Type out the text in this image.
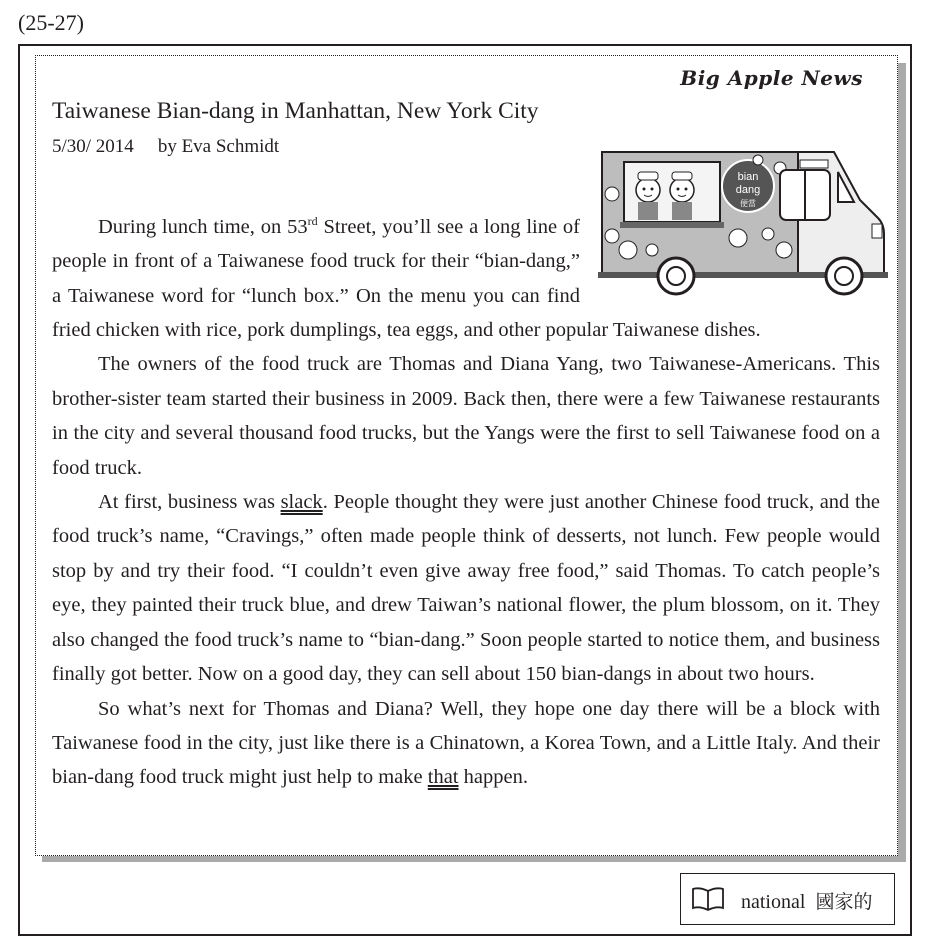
(25-27)
Big Apple News
Taiwanese Bian-dang in Manhattan, New York City
5/30/ 2014 by Eva Schmidt
bian
dang
便當

During lunch time, on 53rd Street, you’ll see a long line of people in front of a Taiwanese food truck for their “bian-dang,” a Taiwanese word for “lunch box.” On the menu you can find fried chicken with rice, pork dumplings, tea eggs, and other popular Taiwanese dishes.

The owners of the food truck are Thomas and Diana Yang, two Taiwanese-Americans. This brother-sister team started their business in 2009. Back then, there were a few Taiwanese restaurants in the city and several thousand food trucks, but the Yangs were the first to sell Taiwanese food on a food truck.

At first, business was slack. People thought they were just another Chinese food truck, and the food truck’s name, “Cravings,” often made people think of desserts, not lunch. Few people would stop by and try their food. “I couldn’t even give away free food,” said Thomas. To catch people’s eye, they painted their truck blue, and drew Taiwan’s national flower, the plum blossom, on it. They also changed the food truck’s name to “bian-dang.” Soon people started to notice them, and business finally got better. Now on a good day, they can sell about 150 bian-dangs in about two hours.

So what’s next for Thomas and Diana? Well, they hope one day there will be a block with Taiwanese food in the city, just like there is a Chinatown, a Korea Town, and a Little Italy. And their bian-dang food truck might just help to make that happen.

national 國家的
